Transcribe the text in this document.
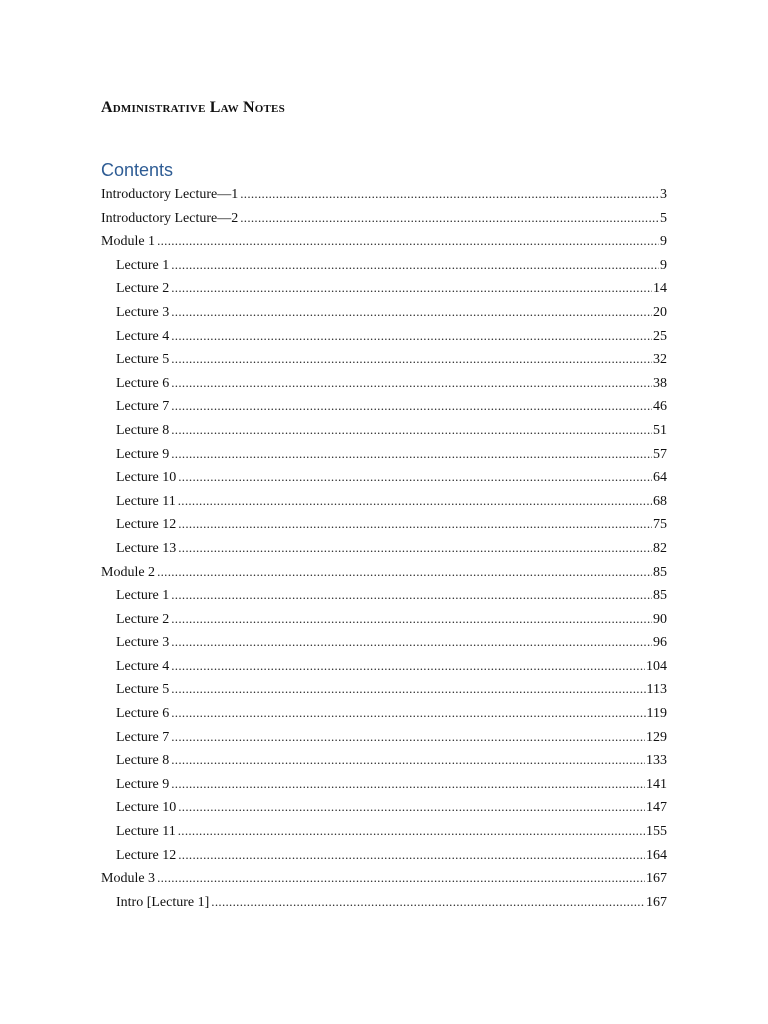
Administrative Law Notes
Contents
Introductory Lecture—1 .....	3
Introductory Lecture—2 .....	5
Module 1 .....	9
Lecture 1 .....	9
Lecture 2 .....	14
Lecture 3 .....	20
Lecture 4 .....	25
Lecture 5 .....	32
Lecture 6 .....	38
Lecture 7 .....	46
Lecture 8 .....	51
Lecture 9 .....	57
Lecture 10 .....	64
Lecture 11 .....	68
Lecture 12 .....	75
Lecture 13 .....	82
Module 2 .....	85
Lecture 1 .....	85
Lecture 2 .....	90
Lecture 3 .....	96
Lecture 4 .....	104
Lecture 5 .....	113
Lecture 6 .....	119
Lecture 7 .....	129
Lecture 8 .....	133
Lecture 9 .....	141
Lecture 10 .....	147
Lecture 11 .....	155
Lecture 12 .....	164
Module 3 .....	167
Intro [Lecture 1] .....	167
